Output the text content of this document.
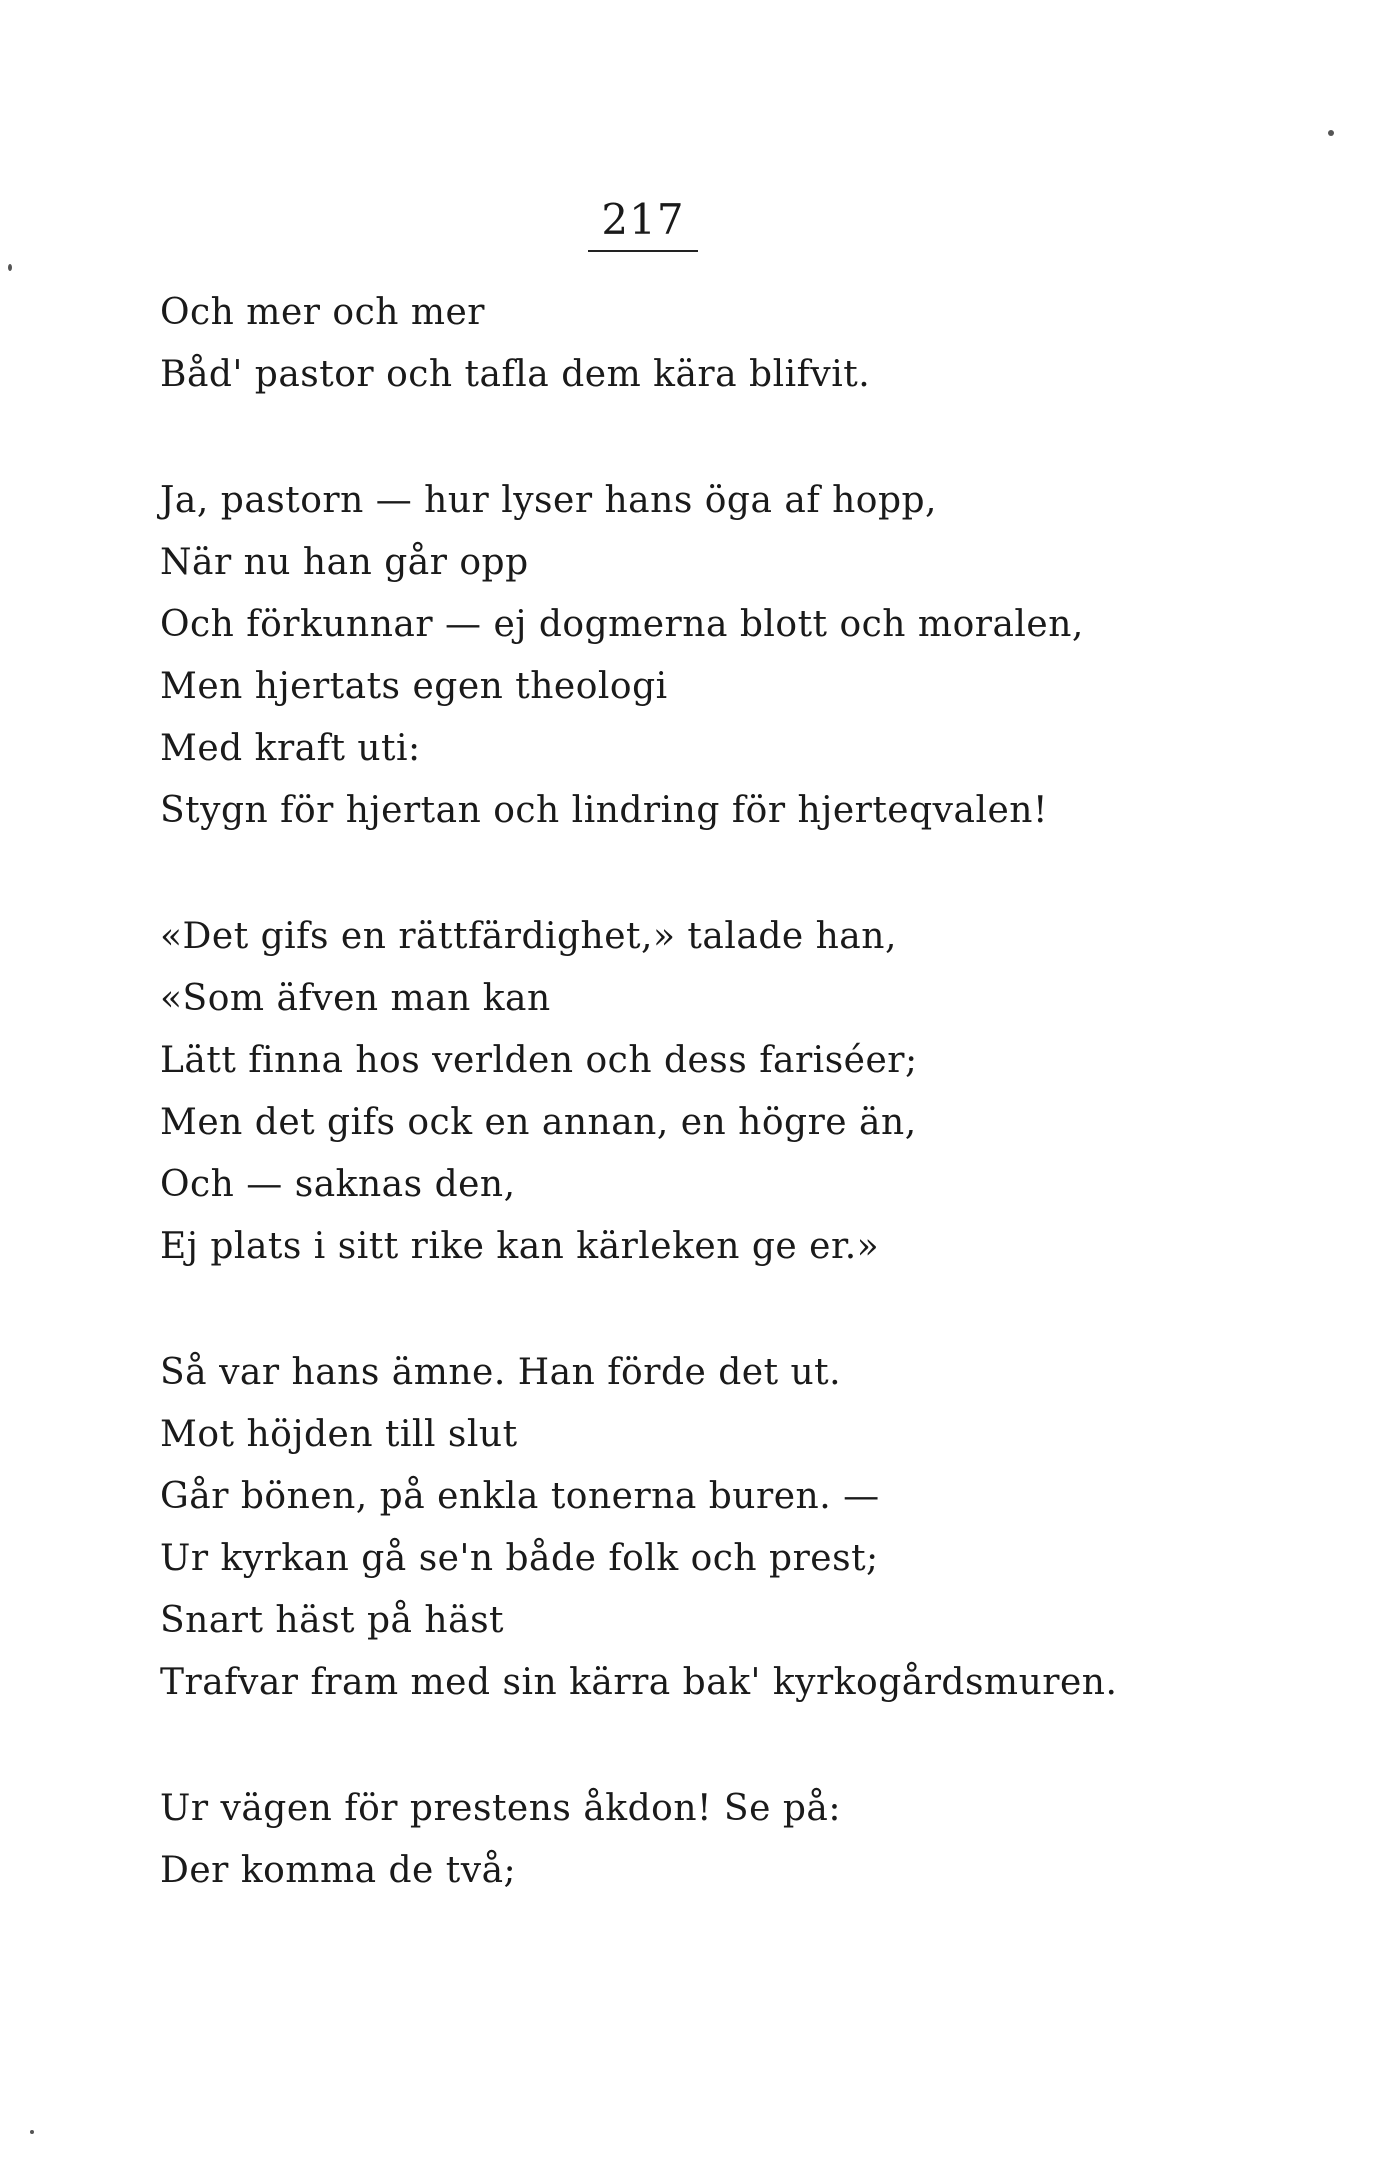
217
Och mer och mer
Båd' pastor och tafla dem kära blifvit.
Ja, pastorn — hur lyser hans öga af hopp,
När nu han går opp
Och förkunnar — ej dogmerna blott och moralen,
Men hjertats egen theologi
Med kraft uti:
Stygn för hjertan och lindring för hjerteqvalen!
«Det gifs en rättfärdighet,» talade han,
«Som äfven man kan
Lätt finna hos verlden och dess fariséer;
Men det gifs ock en annan, en högre än,
Och — saknas den,
Ej plats i sitt rike kan kärleken ge er.»
Så var hans ämne. Han förde det ut.
Mot höjden till slut
Går bönen, på enkla tonerna buren. —
Ur kyrkan gå se'n både folk och prest;
Snart häst på häst
Trafvar fram med sin kärra bak' kyrkogårdsmuren.
Ur vägen för prestens åkdon! Se på:
Der komma de två;
